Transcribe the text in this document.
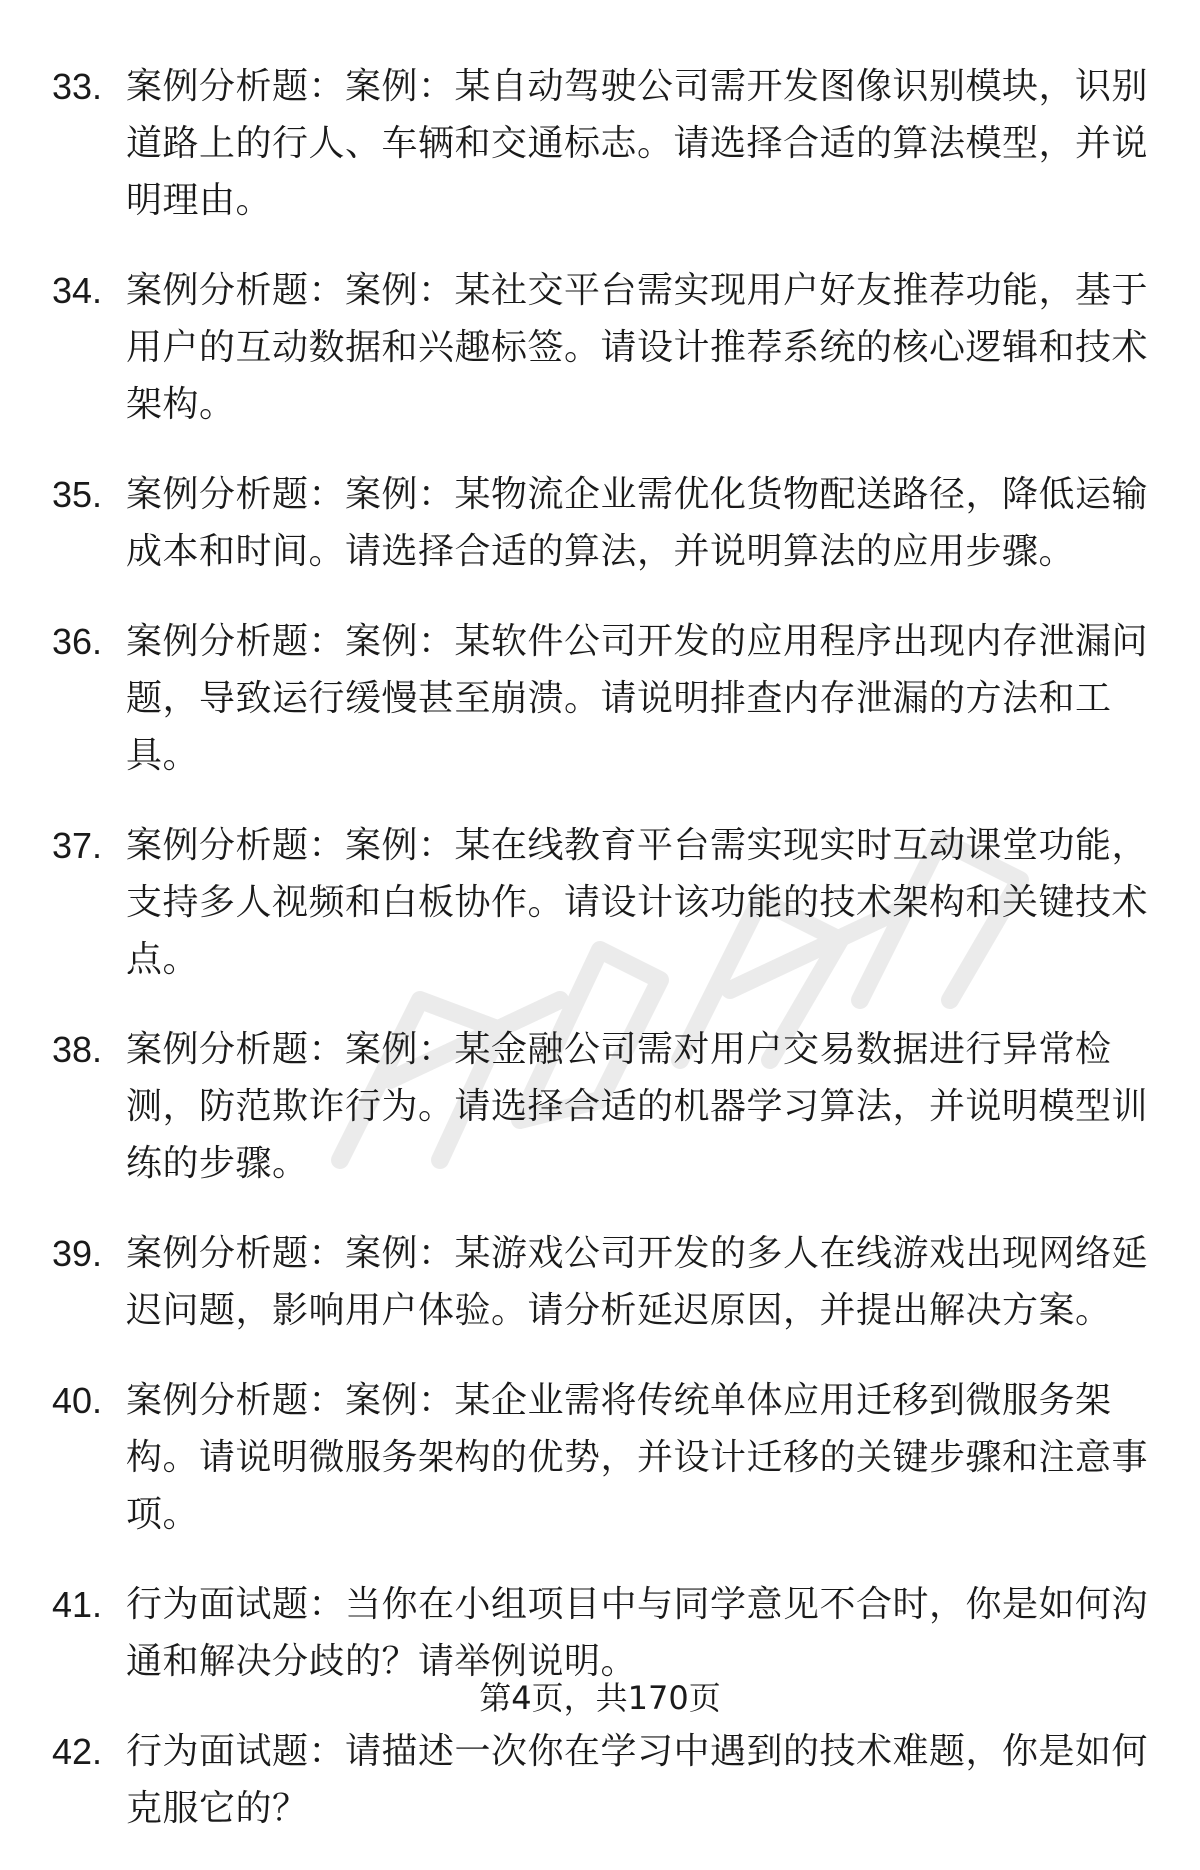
33. 案例分析题：案例：某自动驾驶公司需开发图像识别模块，识别道路上的行人、车辆和交通标志。请选择合适的算法模型，并说明理由。
34. 案例分析题：案例：某社交平台需实现用户好友推荐功能，基于用户的互动数据和兴趣标签。请设计推荐系统的核心逻辑和技术架构。
35. 案例分析题：案例：某物流企业需优化货物配送路径，降低运输成本和时间。请选择合适的算法，并说明算法的应用步骤。
36. 案例分析题：案例：某软件公司开发的应用程序出现内存泄漏问题，导致运行缓慢甚至崩溃。请说明排查内存泄漏的方法和工具。
37. 案例分析题：案例：某在线教育平台需实现实时互动课堂功能，支持多人视频和白板协作。请设计该功能的技术架构和关键技术点。
38. 案例分析题：案例：某金融公司需对用户交易数据进行异常检测，防范欺诈行为。请选择合适的机器学习算法，并说明模型训练的步骤。
39. 案例分析题：案例：某游戏公司开发的多人在线游戏出现网络延迟问题，影响用户体验。请分析延迟原因，并提出解决方案。
40. 案例分析题：案例：某企业需将传统单体应用迁移到微服务架构。请说明微服务架构的优势，并设计迁移的关键步骤和注意事项。
41. 行为面试题：当你在小组项目中与同学意见不合时，你是如何沟通和解决分歧的？请举例说明。
42. 行为面试题：请描述一次你在学习中遇到的技术难题，你是如何克服它的？
第4页，共170页
